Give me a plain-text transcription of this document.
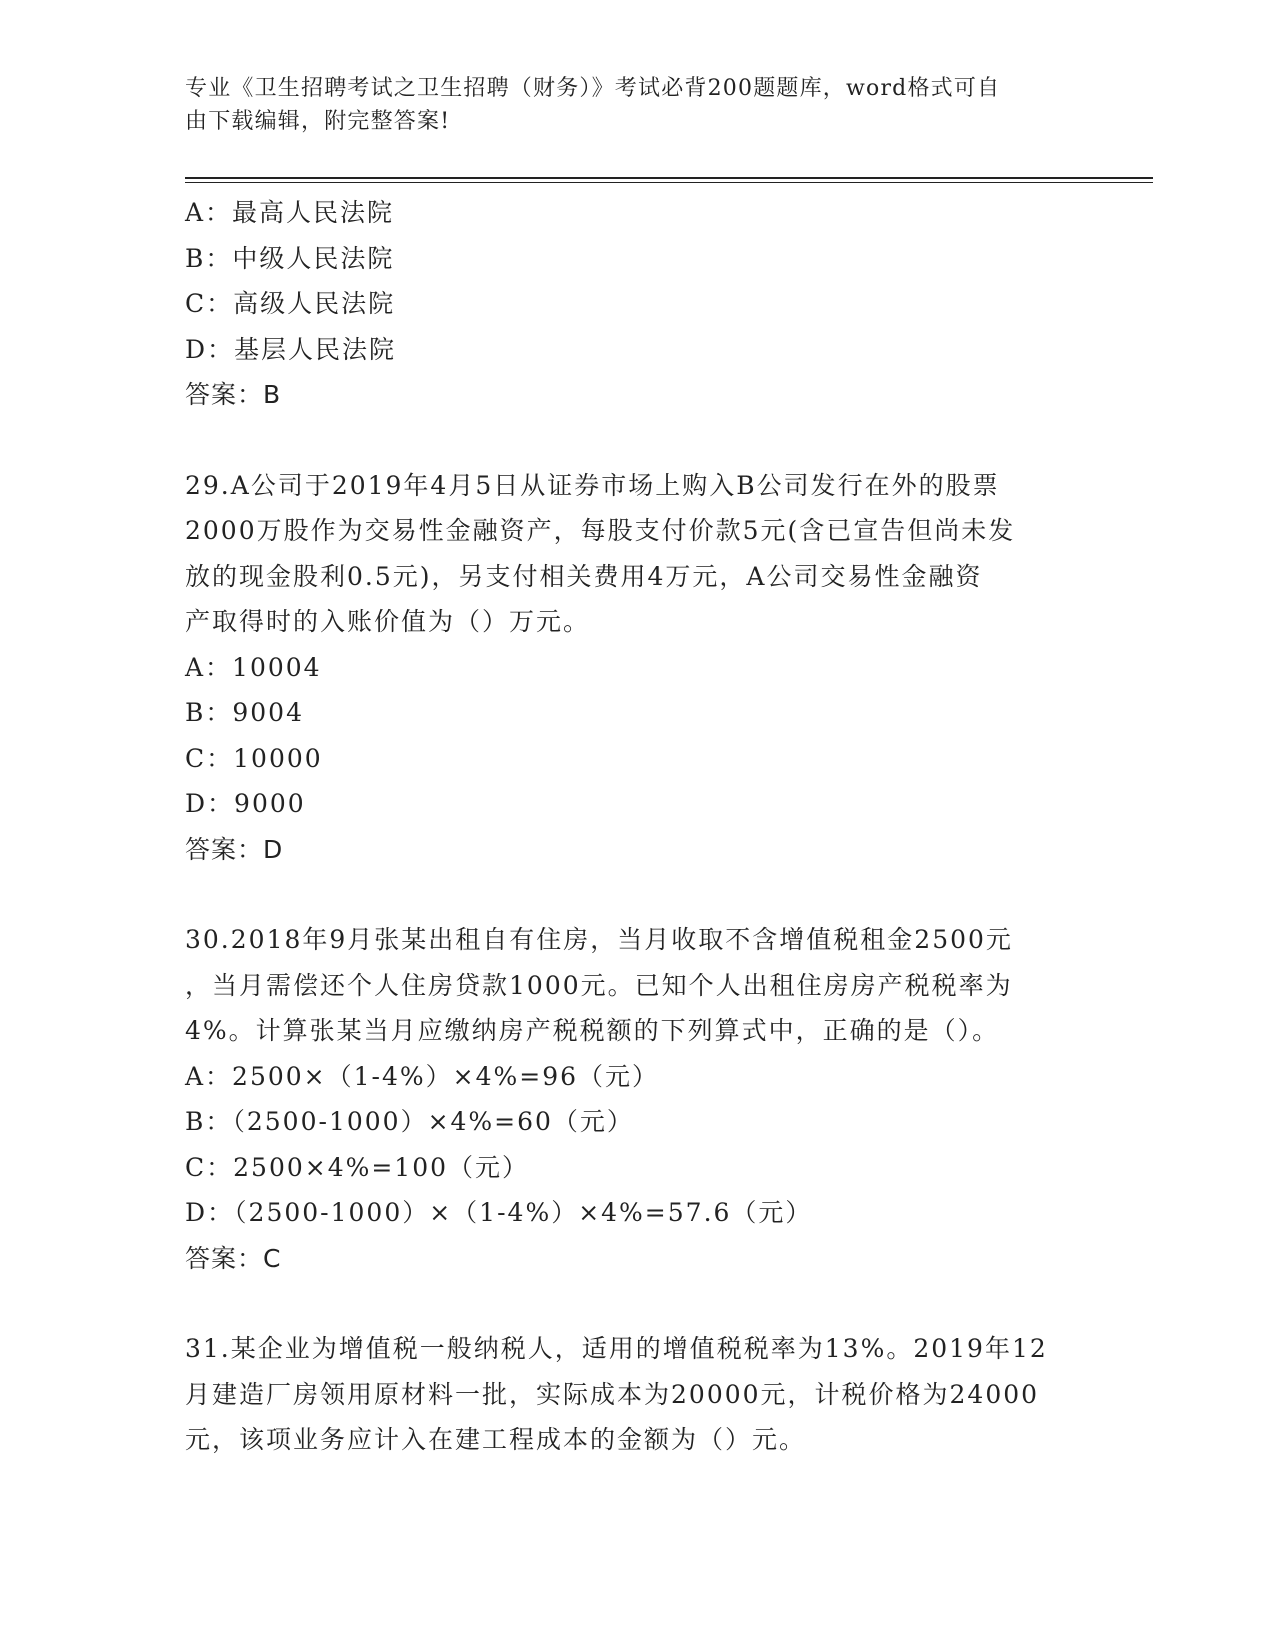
专业《卫生招聘考试之卫生招聘（财务）》考试必背200题题库，word格式可自
由下载编辑，附完整答案!
A：最高人民法院
B：中级人民法院
C：高级人民法院
D：基层人民法院
答案：B
29.A公司于2019年4月5日从证券市场上购入B公司发行在外的股票
2000万股作为交易性金融资产，每股支付价款5元(含已宣告但尚未发
放的现金股利0.5元)，另支付相关费用4万元，A公司交易性金融资
产取得时的入账价值为（）万元。
A：10004
B：9004
C：10000
D：9000
答案：D
30.2018年9月张某出租自有住房，当月收取不含增值税租金2500元
，当月需偿还个人住房贷款1000元。已知个人出租住房房产税税率为
4%。计算张某当月应缴纳房产税税额的下列算式中，正确的是（）。
A：2500×（1-4%）×4%=96（元）
B：（2500-1000）×4%=60（元）
C：2500×4%=100（元）
D：（2500-1000）×（1-4%）×4%=57.6（元）
答案：C
31.某企业为增值税一般纳税人，适用的增值税税率为13%。2019年12
月建造厂房领用原材料一批，实际成本为20000元，计税价格为24000
元，该项业务应计入在建工程成本的金额为（）元。
